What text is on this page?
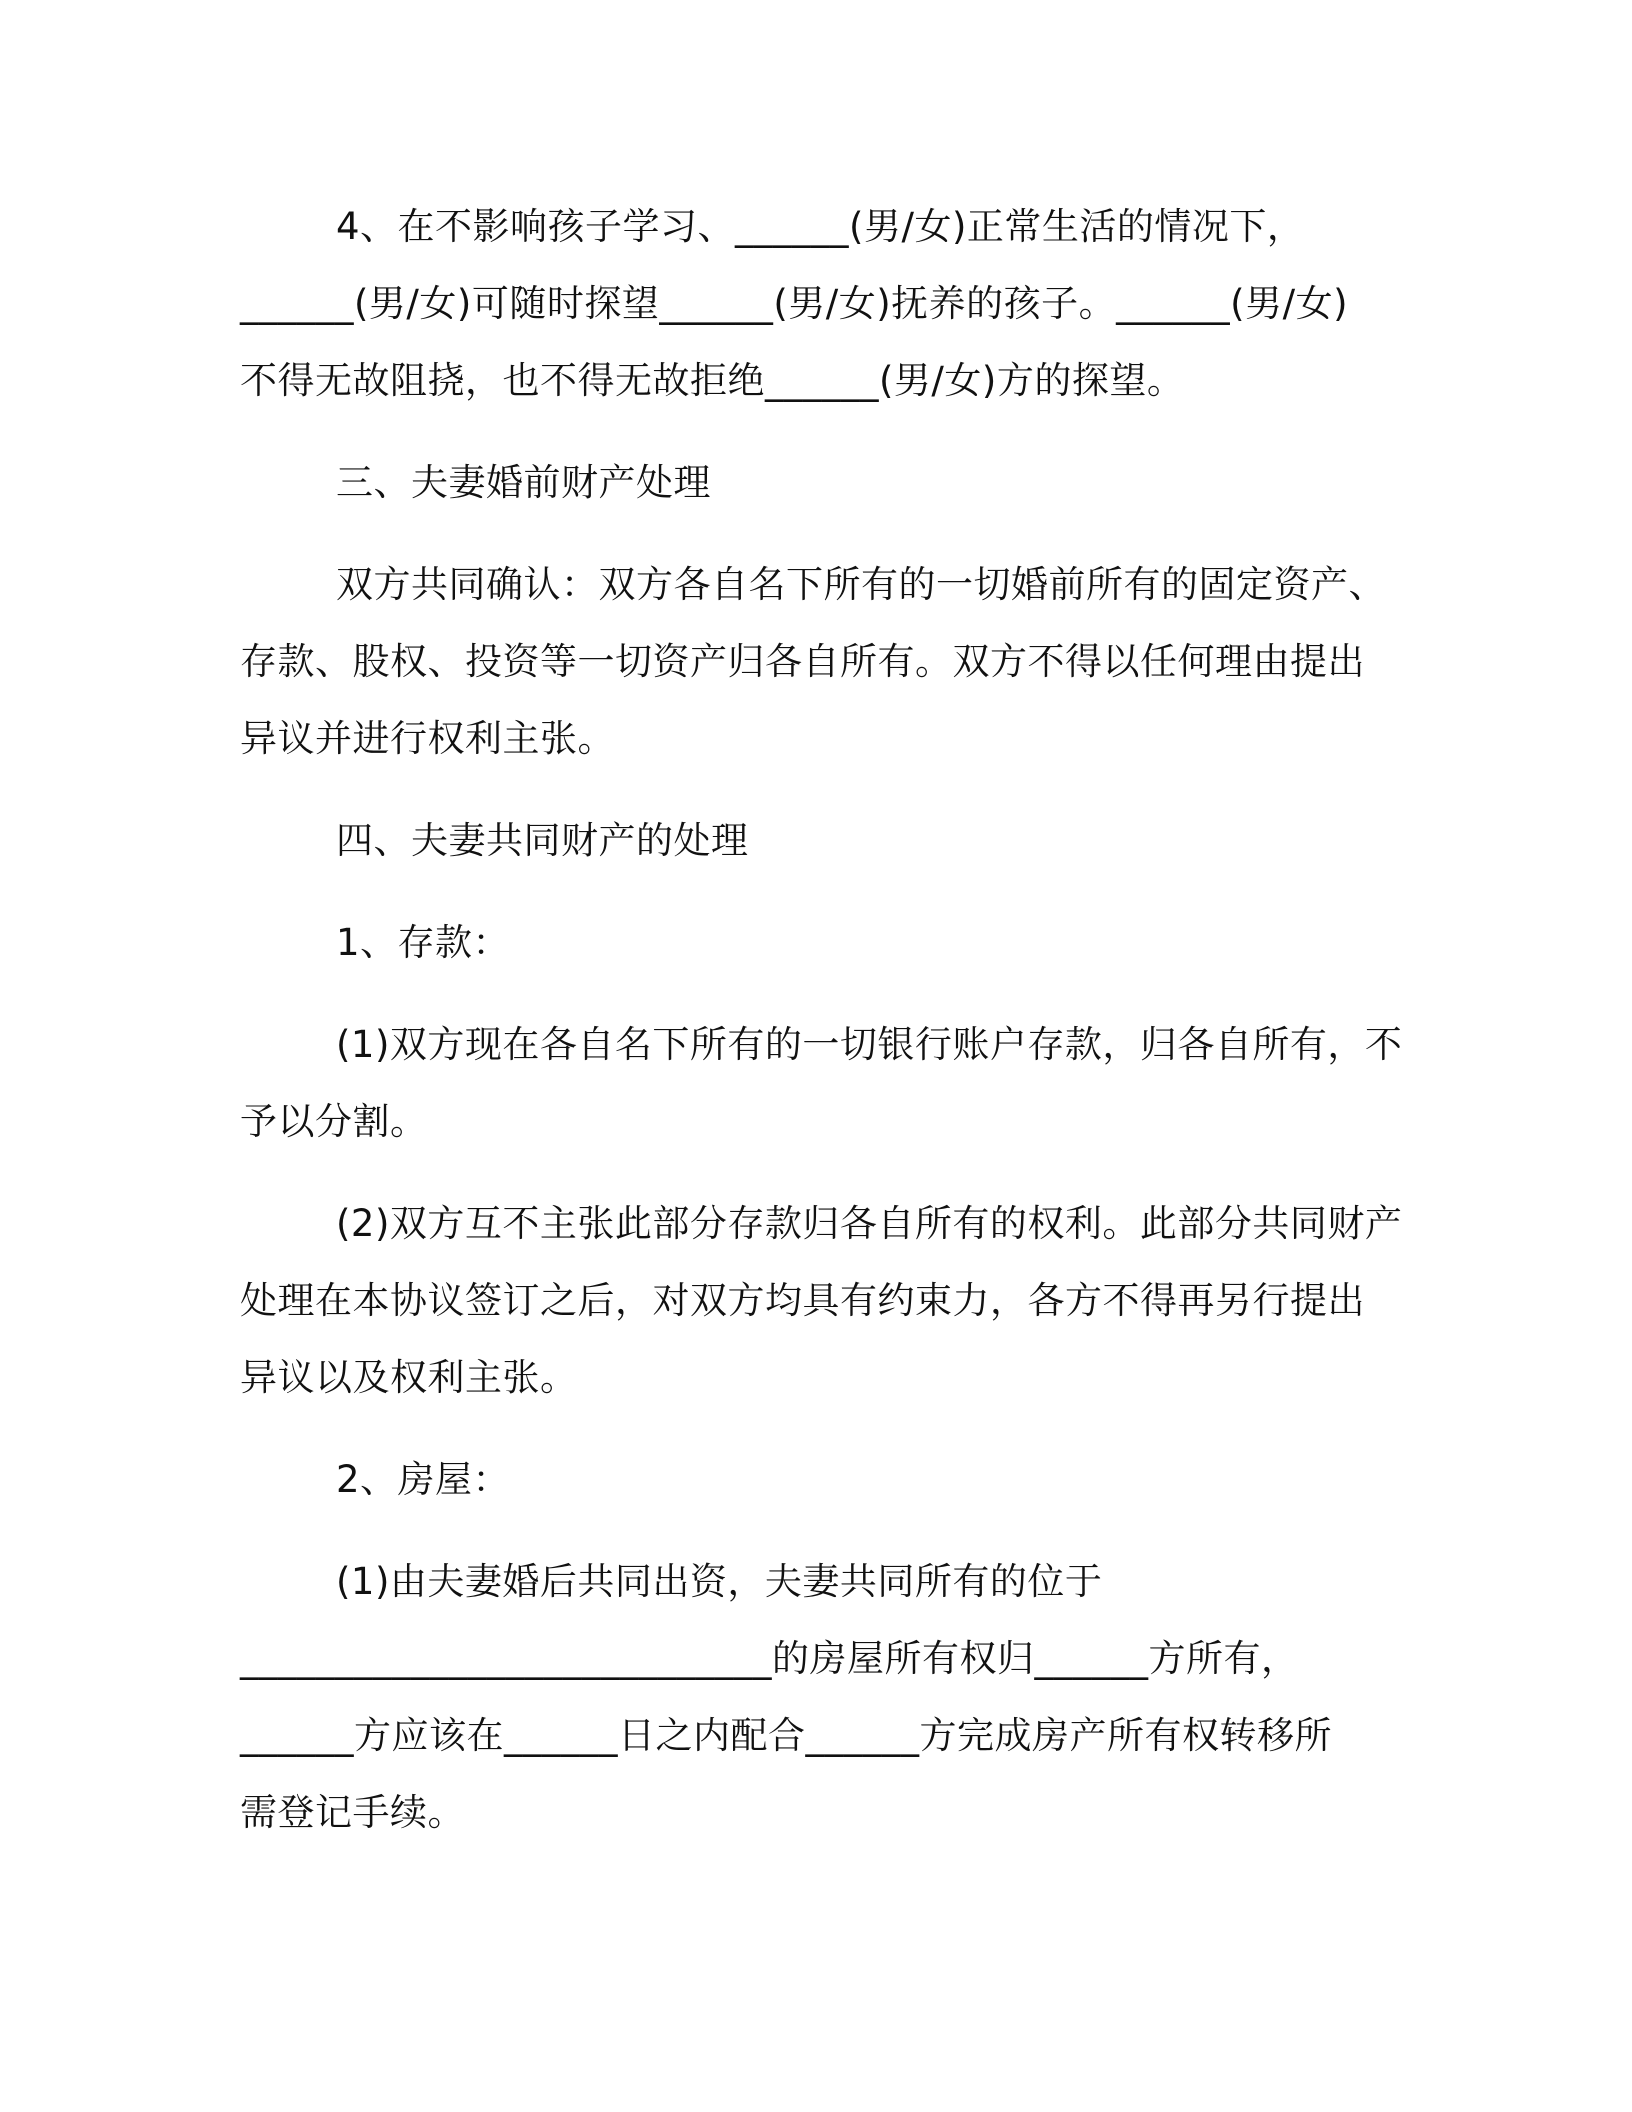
4、在不影响孩子学习、______(男/女)正常生活的情况下，
______(男/女)可随时探望______(男/女)抚养的孩子。______(男/女)
不得无故阻挠，也不得无故拒绝______(男/女)方的探望。
三、夫妻婚前财产处理
双方共同确认：双方各自名下所有的一切婚前所有的固定资产、
存款、股权、投资等一切资产归各自所有。双方不得以任何理由提出
异议并进行权利主张。
四、夫妻共同财产的处理
1、存款：
(1)双方现在各自名下所有的一切银行账户存款，归各自所有，不
予以分割。
(2)双方互不主张此部分存款归各自所有的权利。此部分共同财产
处理在本协议签订之后，对双方均具有约束力，各方不得再另行提出
异议以及权利主张。
2、房屋：
(1)由夫妻婚后共同出资，夫妻共同所有的位于
____________________________的房屋所有权归______方所有，
______方应该在______日之内配合______方完成房产所有权转移所
需登记手续。
